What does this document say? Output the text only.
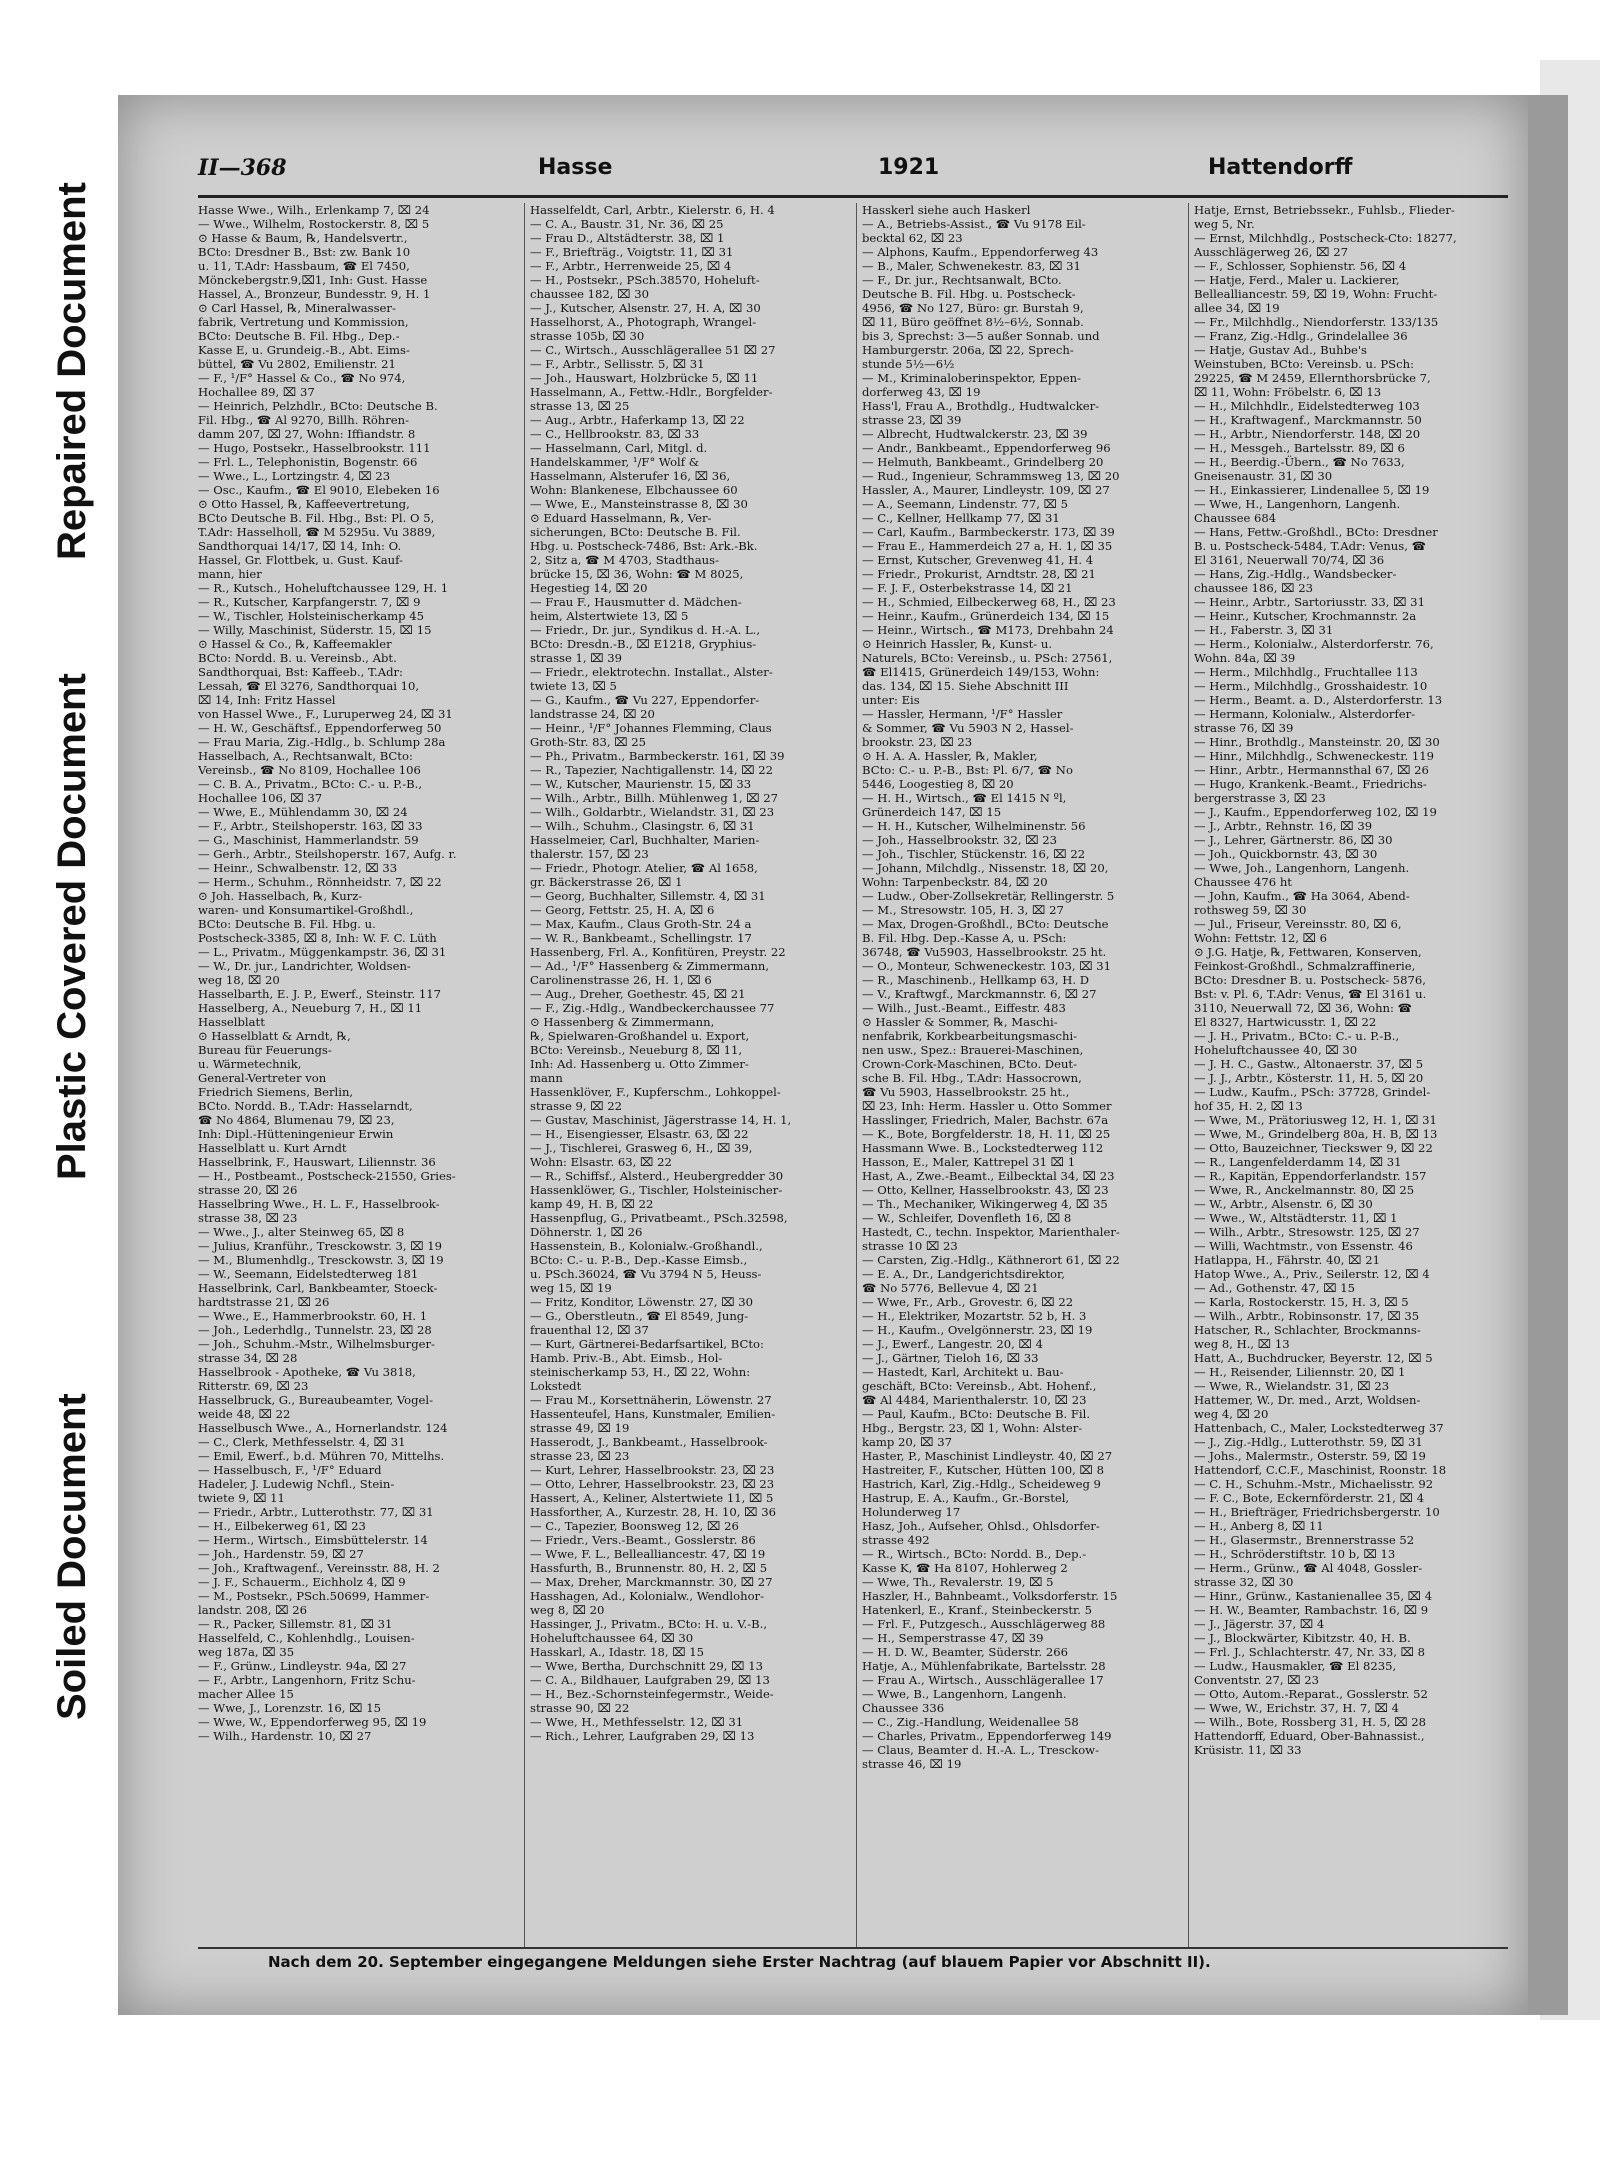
Repaired Document
Plastic Covered Document
Soiled Document
II—368	Hasse	1921	Hattendorff
Hasse Wwe., Wilh., Erlenkamp 7, ⌧ 24
— Wwe., Wilhelm, Rostockerstr. 8, ⌧ 5
⊙ Hasse & Baum, ℞, Handelsvertr.,
BCto: Dresdner B., Bst: zw. Bank 10
u. 11, T.Adr: Hassbaum, ☎ El 7450,
Mönckebergstr.9,⌧1, Inh: Gust. Hasse
Hassel, A., Bronzeur, Bundesstr. 9, H. 1
⊙ Carl Hassel, ℞, Mineralwasser-
fabrik, Vertretung und Kommission,
BCto: Deutsche B. Fil. Hbg., Dep.-
Kasse E, u. Grundeig.-B., Abt. Eims-
büttel, ☎ Vu 2802, Emilienstr. 21
— F., ¹/F° Hassel & Co., ☎ No 974,
Hochallee 89, ⌧ 37
— Heinrich, Pelzhdlr., BCto: Deutsche B.
Fil. Hbg., ☎ Al 9270, Billh. Röhren-
damm 207, ⌧ 27, Wohn: Iffiandstr. 8
— Hugo, Postsekr., Hasselbrookstr. 111
— Frl. L., Telephonistin, Bogenstr. 66
— Wwe., L., Lortzingstr. 4, ⌧ 23
— Osc., Kaufm., ☎ El 9010, Elebeken 16
⊙ Otto Hassel, ℞, Kaffeevertretung,
BCto Deutsche B. Fil. Hbg., Bst: Pl. O 5,
T.Adr: Hasselholl, ☎ M 5295u. Vu 3889,
Sandthorquai 14/17, ⌧ 14, Inh: O.
Hassel, Gr. Flottbek, u. Gust. Kauf-
mann, hier
— R., Kutsch., Hoheluftchaussee 129, H. 1
— R., Kutscher, Karpfangerstr. 7, ⌧ 9
— W., Tischler, Holsteinischerkamp 45
— Willy, Maschinist, Süderstr. 15, ⌧ 15
⊙ Hassel & Co., ℞, Kaffeemakler
BCto: Nordd. B. u. Vereinsb., Abt.
Sandthorquai, Bst: Kaffeeb., T.Adr:
Lessah, ☎ El 3276, Sandthorquai 10,
⌧ 14, Inh: Fritz Hassel
von Hassel Wwe., F., Luruperweg 24, ⌧ 31
— H. W., Geschäftsf., Eppendorferweg 50
— Frau Maria, Zig.-Hdlg., b. Schlump 28a
Hasselbach, A., Rechtsanwalt, BCto:
Vereinsb., ☎ No 8109, Hochallee 106
— C. B. A., Privatm., BCto: C.- u. P.-B.,
Hochallee 106, ⌧ 37
— Wwe, E., Mühlendamm 30, ⌧ 24
— F., Arbtr., Steilshoperstr. 163, ⌧ 33
— G., Maschinist, Hammerlandstr. 59
— Gerh., Arbtr., Steilshoperstr. 167, Aufg. r.
— Heinr., Schwalbenstr. 12, ⌧ 33
— Herm., Schuhm., Rönnheidstr. 7, ⌧ 22
⊙ Joh. Hasselbach, ℞, Kurz-
waren- und Konsumartikel-Großhdl.,
BCto: Deutsche B. Fil. Hbg. u.
Postscheck-3385, ⌧ 8, Inh: W. F. C. Lüth
— L., Privatm., Müggenkampstr. 36, ⌧ 31
— W., Dr. jur., Landrichter, Woldsen-
weg 18, ⌧ 20
Hasselbarth, E. J. P., Ewerf., Steinstr. 117
Hasselberg, A., Neueburg 7, H., ⌧ 11
Hasselblatt
⊙ Hasselblatt & Arndt, ℞,
Bureau für Feuerungs-
u. Wärmetechnik,
General-Vertreter von
Friedrich Siemens, Berlin,
BCto. Nordd. B., T.Adr: Hasselarndt,
☎ No 4864, Blumenau 79, ⌧ 23,
Inh: Dipl.-Hütteningenieur Erwin
Hasselblatt u. Kurt Arndt
Hasselbrink, F., Hauswart, Liliennstr. 36
— H., Postbeamt., Postscheck-21550, Gries-
strasse 20, ⌧ 26
Hasselbring Wwe., H. L. F., Hasselbrook-
strasse 38, ⌧ 23
— Wwe., J., alter Steinweg 65, ⌧ 8
— Julius, Kranführ., Tresckowstr. 3, ⌧ 19
— M., Blumenhdlg., Tresckowstr. 3, ⌧ 19
— W., Seemann, Eidelstedterweg 181
Hasselbrink, Carl, Bankbeamter, Stoeck-
hardtstrasse 21, ⌧ 26
— Wwe., E., Hammerbrookstr. 60, H. 1
— Joh., Lederhdlg., Tunnelstr. 23, ⌧ 28
— Joh., Schuhm.-Mstr., Wilhelmsburger-
strasse 34, ⌧ 28
Hasselbrook - Apotheke, ☎ Vu 3818,
Ritterstr. 69, ⌧ 23
Hasselbruck, G., Bureaubeamter, Vogel-
weide 48, ⌧ 22
Hasselbusch Wwe., A., Hornerlandstr. 124
— C., Clerk, Methfesselstr. 4, ⌧ 31
— Emil, Ewerf., b.d. Mühren 70, Mittelhs.
— Hasselbusch, F., ¹/F° Eduard
Hadeler, J. Ludewig Nchfl., Stein-
twiete 9, ⌧ 11
— Friedr., Arbtr., Lutterothstr. 77, ⌧ 31
— H., Eilbekerweg 61, ⌧ 23
— Herm., Wirtsch., Eimsbüttelerstr. 14
— Joh., Hardenstr. 59, ⌧ 27
— Joh., Kraftwagenf., Vereinsstr. 88, H. 2
— J. F., Schauerm., Eichholz 4, ⌧ 9
— M., Postsekr., PSch.50699, Hammer-
landstr. 208, ⌧ 26
— R., Packer, Sillemstr. 81, ⌧ 31
Hasselfeld, C., Kohlenhdlg., Louisen-
weg 187a, ⌧ 35
— F., Grünw., Lindleystr. 94a, ⌧ 27
— F., Arbtr., Langenhorn, Fritz Schu-
macher Allee 15
— Wwe, J., Lorenzstr. 16, ⌧ 15
— Wwe, W., Eppendorferweg 95, ⌧ 19
— Wilh., Hardenstr. 10, ⌧ 27
Hasselfeldt, Carl, Arbtr., Kielerstr. 6, H. 4
— C. A., Baustr. 31, Nr. 36, ⌧ 25
— Frau D., Altstädterstr. 38, ⌧ 1
— F., Briefträg., Voigtstr. 11, ⌧ 31
— F., Arbtr., Herrenweide 25, ⌧ 4
— H., Postsekr., PSch.38570, Hoheluft-
chaussee 182, ⌧ 30
— J., Kutscher, Alsenstr. 27, H. A, ⌧ 30
Hasselhorst, A., Photograph, Wrangel-
strasse 105b, ⌧ 30
— C., Wirtsch., Ausschlägerallee 51 ⌧ 27
— F., Arbtr., Sellisstr. 5, ⌧ 31
— Joh., Hauswart, Holzbrücke 5, ⌧ 11
Hasselmann, A., Fettw.-Hdlr., Borgfelder-
strasse 13, ⌧ 25
— Aug., Arbtr., Haferkamp 13, ⌧ 22
— C., Hellbrookstr. 83, ⌧ 33
— Hasselmann, Carl, Mitgl. d.
Handelskammer, ¹/F° Wolf &
Hasselmann, Alsterufer 16, ⌧ 36,
Wohn: Blankenese, Elbchaussee 60
— Wwe, E., Mansteinstrasse 8, ⌧ 30
⊙ Eduard Hasselmann, ℞, Ver-
sicherungen, BCto: Deutsche B. Fil.
Hbg. u. Postscheck-7486, Bst: Ark.-Bk.
2, Sitz a, ☎ M 4703, Stadthaus-
brücke 15, ⌧ 36, Wohn: ☎ M 8025,
Hegestieg 14, ⌧ 20
— Frau F., Hausmutter d. Mädchen-
heim, Alstertwiete 13, ⌧ 5
— Friedr., Dr. jur., Syndikus d. H.-A. L.,
BCto: Dresdn.-B., ⌧ E1218, Gryphius-
strasse 1, ⌧ 39
— Friedr., elektrotechn. Installat., Alster-
twiete 13, ⌧ 5
— G., Kaufm., ☎ Vu 227, Eppendorfer-
landstrasse 24, ⌧ 20
— Heinr., ¹/F° Johannes Flemming, Claus
Groth-Str. 83, ⌧ 25
— Ph., Privatm., Barmbeckerstr. 161, ⌧ 39
— R., Tapezier, Nachtigallenstr. 14, ⌧ 22
— W., Kutscher, Maurienstr. 15, ⌧ 33
— Wilh., Arbtr., Billh. Mühlenweg 1, ⌧ 27
— Wilh., Goldarbtr., Wielandstr. 31, ⌧ 23
— Wilh., Schuhm., Clasingstr. 6, ⌧ 31
Hasselmeier, Carl, Buchhalter, Marien-
thalerstr. 157, ⌧ 23
— Friedr., Photogr. Atelier, ☎ Al 1658,
gr. Bäckerstrasse 26, ⌧ 1
— Georg, Buchhalter, Sillemstr. 4, ⌧ 31
— Georg, Fettstr. 25, H. A, ⌧ 6
— Max, Kaufm., Claus Groth-Str. 24 a
— W. R., Bankbeamt., Schellingstr. 17
Hassenberg, Frl. A., Konfitüren, Preystr. 22
— Ad., ¹/F° Hassenberg & Zimmermann,
Carolinenstrasse 26, H. 1, ⌧ 6
— Aug., Dreher, Goethestr. 45, ⌧ 21
— F., Zig.-Hdlg., Wandbeckerchaussee 77
⊙ Hassenberg & Zimmermann,
℞, Spielwaren-Großhandel u. Export,
BCto: Vereinsb., Neueburg 8, ⌧ 11,
Inh: Ad. Hassenberg u. Otto Zimmer-
mann
Hassenklöver, F., Kupferschm., Lohkoppel-
strasse 9, ⌧ 22
— Gustav, Maschinist, Jägerstrasse 14, H. 1,
— H., Eisengiesser, Elsastr. 63, ⌧ 22
— J., Tischlerei, Grasweg 6, H., ⌧ 39,
Wohn: Elsastr. 63, ⌧ 22
— R., Schiffsf., Alsterd., Heubergredder 30
Hassenklöwer, G., Tischler, Holsteinischer-
kamp 49, H. B, ⌧ 22
Hassenpflug, G., Privatbeamt., PSch.32598,
Döhnerstr. 1, ⌧ 26
Hassenstein, B., Kolonialw.-Großhandl.,
BCto: C.- u. P.-B., Dep.-Kasse Eimsb.,
u. PSch.36024, ☎ Vu 3794 N 5, Heuss-
weg 15, ⌧ 19
— Fritz, Konditor, Löwenstr. 27, ⌧ 30
— G., Oberstleutn., ☎ El 8549, Jung-
frauenthal 12, ⌧ 37
— Kurt, Gärtnerei-Bedarfsartikel, BCto:
Hamb. Priv.-B., Abt. Eimsb., Hol-
steinischerkamp 53, H., ⌧ 22, Wohn:
Lokstedt
— Frau M., Korsettnäherin, Löwenstr. 27
Hassenteufel, Hans, Kunstmaler, Emilien-
strasse 49, ⌧ 19
Hasserodt, J., Bankbeamt., Hasselbrook-
strasse 23, ⌧ 23
— Kurt, Lehrer, Hasselbrookstr. 23, ⌧ 23
— Otto, Lehrer, Hasselbrookstr. 23, ⌧ 23
Hassert, A., Keliner, Alstertwiete 11, ⌧ 5
Hassforther, A., Kurzestr. 28, H. 10, ⌧ 36
— C., Tapezier, Boonsweg 12, ⌧ 26
— Friedr., Vers.-Beamt., Gosslerstr. 86
— Wwe, F. L., Bellealliancestr. 47, ⌧ 19
Hassfurth, B., Brunnenstr. 80, H. 2, ⌧ 5
— Max, Dreher, Marckmannstr. 30, ⌧ 27
Hasshagen, Ad., Kolonialw., Wendlohor-
weg 8, ⌧ 20
Hassinger, J., Privatm., BCto: H. u. V.-B.,
Hoheluftchaussee 64, ⌧ 30
Hasskarl, A., Idastr. 18, ⌧ 15
— Wwe, Bertha, Durchschnitt 29, ⌧ 13
— C. A., Bildhauer, Laufgraben 29, ⌧ 13
— H., Bez.-Schornsteinfegermstr., Weide-
strasse 90, ⌧ 22
— Wwe, H., Methfesselstr. 12, ⌧ 31
— Rich., Lehrer, Laufgraben 29, ⌧ 13
Hasskerl siehe auch Haskerl
— A., Betriebs-Assist., ☎ Vu 9178 Eil-
becktal 62, ⌧ 23
— Alphons, Kaufm., Eppendorferweg 43
— B., Maler, Schwenekestr. 83, ⌧ 31
— F., Dr. jur., Rechtsanwalt, BCto.
Deutsche B. Fil. Hbg. u. Postscheck-
4956, ☎ No 127, Büro: gr. Burstah 9,
⌧ 11, Büro geöffnet 8½–6½, Sonnab.
bis 3, Sprechst: 3—5 außer Sonnab. und
Hamburgerstr. 206a, ⌧ 22, Sprech-
stunde 5½—6½
— M., Kriminaloberinspektor, Eppen-
dorferweg 43, ⌧ 19
Hass'l, Frau A., Brothdlg., Hudtwalcker-
strasse 23, ⌧ 39
— Albrecht, Hudtwalckerstr. 23, ⌧ 39
— Andr., Bankbeamt., Eppendorferweg 96
— Helmuth, Bankbeamt., Grindelberg 20
— Rud., Ingenieur, Schrammsweg 13, ⌧ 20
Hassler, A., Maurer, Lindleystr. 109, ⌧ 27
— A., Seemann, Lindenstr. 77, ⌧ 5
— C., Kellner, Hellkamp 77, ⌧ 31
— Carl, Kaufm., Barmbeckerstr. 173, ⌧ 39
— Frau E., Hammerdeich 27 a, H. 1, ⌧ 35
— Ernst, Kutscher, Grevenweg 41, H. 4
— Friedr., Prokurist, Arndtstr. 28, ⌧ 21
— F. J. F., Osterbekstrasse 14, ⌧ 21
— H., Schmied, Eilbeckerweg 68, H., ⌧ 23
— Heinr., Kaufm., Grünerdeich 134, ⌧ 15
— Heinr., Wirtsch., ☎ M173, Drehbahn 24
⊙ Heinrich Hassler, ℞, Kunst- u.
Naturels, BCto: Vereinsb., u. PSch: 27561,
☎ El1415, Grünerdeich 149/153, Wohn:
das. 134, ⌧ 15. Siehe Abschnitt III
unter: Eis
— Hassler, Hermann, ¹/F° Hassler
& Sommer, ☎ Vu 5903 N 2, Hassel-
brookstr. 23, ⌧ 23
⊙ H. A. A. Hassler, ℞, Makler,
BCto: C.- u. P.-B., Bst: Pl. 6/7, ☎ No
5446, Loogestieg 8, ⌧ 20
— H. H., Wirtsch., ☎ El 1415 N ºl,
Grünerdeich 147, ⌧ 15
— H. H., Kutscher, Wilhelminenstr. 56
— Joh., Hasselbrookstr. 32, ⌧ 23
— Joh., Tischler, Stückenstr. 16, ⌧ 22
— Johann, Milchdlg., Nissenstr. 18, ⌧ 20,
Wohn: Tarpenbeckstr. 84, ⌧ 20
— Ludw., Ober-Zollsekretär, Rellingerstr. 5
— M., Stresowstr. 105, H. 3, ⌧ 27
— Max, Drogen-Großhdl., BCto: Deutsche
B. Fil. Hbg. Dep.-Kasse A, u. PSch:
36748, ☎ Vu5903, Hasselbrookstr. 25 ht.
— O., Monteur, Schweneckestr. 103, ⌧ 31
— R., Maschinenb., Hellkamp 63, H. D
— V., Kraftwgf., Marckmannstr. 6, ⌧ 27
— Wilh., Just.-Beamt., Eiffestr. 483
⊙ Hassler & Sommer, ℞, Maschi-
nenfabrik, Korkbearbeitungsmaschi-
nen usw., Spez.: Brauerei-Maschinen,
Crown-Cork-Maschinen, BCto. Deut-
sche B. Fil. Hbg., T.Adr: Hassocrown,
☎ Vu 5903, Hasselbrookstr. 25 ht.,
⌧ 23, Inh: Herm. Hassler u. Otto Sommer
Hasslinger, Friedrich, Maler, Bachstr. 67a
— K., Bote, Borgfelderstr. 18, H. 11, ⌧ 25
Hassmann Wwe. B., Lockstedterweg 112
Hasson, E., Maler, Kattrepel 31 ⌧ 1
Hast, A., Zwe.-Beamt., Eilbecktal 34, ⌧ 23
— Otto, Kellner, Hasselbrookstr. 43, ⌧ 23
— Th., Mechaniker, Wikingerweg 4, ⌧ 35
— W., Schleifer, Dovenfleth 16, ⌧ 8
Hastedt, C., techn. Inspektor, Marienthaler-
strasse 10 ⌧ 23
— Carsten, Zig.-Hdlg., Käthnerort 61, ⌧ 22
— E. A., Dr., Landgerichtsdirektor,
☎ No 5776, Bellevue 4, ⌧ 21
— Wwe, Fr., Arb., Grovestr. 6, ⌧ 22
— H., Elektriker, Mozartstr. 52 b, H. 3
— H., Kaufm., Ovelgönnerstr. 23, ⌧ 19
— J., Ewerf., Langestr. 20, ⌧ 4
— J., Gärtner, Tieloh 16, ⌧ 33
— Hastedt, Karl, Architekt u. Bau-
geschäft, BCto: Vereinsb., Abt. Hohenf.,
☎ Al 4484, Marienthalerstr. 10, ⌧ 23
— Paul, Kaufm., BCto: Deutsche B. Fil.
Hbg., Bergstr. 23, ⌧ 1, Wohn: Alster-
kamp 20, ⌧ 37
Haster, P., Maschinist Lindleystr. 40, ⌧ 27
Hastreiter, F., Kutscher, Hütten 100, ⌧ 8
Hastrich, Karl, Zig.-Hdlg., Scheideweg 9
Hastrup, E. A., Kaufm., Gr.-Borstel,
Holunderweg 17
Hasz, Joh., Aufseher, Ohlsd., Ohlsdorfer-
strasse 492
— R., Wirtsch., BCto: Nordd. B., Dep.-
Kasse K, ☎ Ha 8107, Hohlerweg 2
— Wwe, Th., Revalerstr. 19, ⌧ 5
Haszler, H., Bahnbeamt., Volksdorferstr. 15
Hatenkerl, E., Kranf., Steinbeckerstr. 5
— Frl. F., Putzgesch., Ausschlägerweg 88
— H., Semperstrasse 47, ⌧ 39
— H. D. W., Beamter, Süderstr. 266
Hatje, A., Mühlenfabrikate, Bartelsstr. 28
— Frau A., Wirtsch., Ausschlägerallee 17
— Wwe, B., Langenhorn, Langenh.
Chaussee 336
— C., Zig.-Handlung, Weidenallee 58
— Charles, Privatm., Eppendorferweg 149
— Claus, Beamter d. H.-A. L., Tresckow-
strasse 46, ⌧ 19
Hatje, Ernst, Betriebssekr., Fuhlsb., Flieder-
weg 5, Nr.
— Ernst, Milchhdlg., Postscheck-Cto: 18277,
Ausschlägerweg 26, ⌧ 27
— F., Schlosser, Sophienstr. 56, ⌧ 4
— Hatje, Ferd., Maler u. Lackierer,
Bellealliancestr. 59, ⌧ 19, Wohn: Frucht-
allee 34, ⌧ 19
— Fr., Milchhdlg., Niendorferstr. 133/135
— Franz, Zig.-Hdlg., Grindelallee 36
— Hatje, Gustav Ad., Buhbe's
Weinstuben, BCto: Vereinsb. u. PSch:
29225, ☎ M 2459, Ellernthorsbrücke 7,
⌧ 11, Wohn: Fröbelstr. 6, ⌧ 13
— H., Milchhdlr., Eidelstedterweg 103
— H., Kraftwagenf., Marckmannstr. 50
— H., Arbtr., Niendorferstr. 148, ⌧ 20
— H., Messgeh., Bartelsstr. 89, ⌧ 6
— H., Beerdig.-Übern., ☎ No 7633,
Gneisenaustr. 31, ⌧ 30
— H., Einkassierer, Lindenallee 5, ⌧ 19
— Wwe, H., Langenhorn, Langenh.
Chaussee 684
— Hans, Fettw.-Großhdl., BCto: Dresdner
B. u. Postscheck-5484, T.Adr: Venus, ☎
El 3161, Neuerwall 70/74, ⌧ 36
— Hans, Zig.-Hdlg., Wandsbecker-
chaussee 186, ⌧ 23
— Heinr., Arbtr., Sartoriusstr. 33, ⌧ 31
— Heinr., Kutscher, Krochmannstr. 2a
— H., Faberstr. 3, ⌧ 31
— Herm., Kolonialw., Alsterdorferstr. 76,
Wohn. 84a, ⌧ 39
— Herm., Milchhdlg., Fruchtallee 113
— Herm., Milchhdlg., Grosshaidestr. 10
— Herm., Beamt. a. D., Alsterdorferstr. 13
— Hermann, Kolonialw., Alsterdorfer-
strasse 76, ⌧ 39
— Hinr., Brothdlg., Mansteinstr. 20, ⌧ 30
— Hinr., Milchhdlg., Schweneckestr. 119
— Hinr., Arbtr., Hermannsthal 67, ⌧ 26
— Hugo, Krankenk.-Beamt., Friedrichs-
bergerstrasse 3, ⌧ 23
— J., Kaufm., Eppendorferweg 102, ⌧ 19
— J., Arbtr., Rehnstr. 16, ⌧ 39
— J., Lehrer, Gärtnerstr. 86, ⌧ 30
— Joh., Quickbornstr. 43, ⌧ 30
— Wwe, Joh., Langenhorn, Langenh.
Chaussee 476 ht
— John, Kaufm., ☎ Ha 3064, Abend-
rothsweg 59, ⌧ 30
— Jul., Friseur, Vereinsstr. 80, ⌧ 6,
Wohn: Fettstr. 12, ⌧ 6
⊙ J.G. Hatje, ℞, Fettwaren, Konserven,
Feinkost-Großhdl., Schmalzraffinerie,
BCto: Dresdner B. u. Postscheck- 5876,
Bst: v. Pl. 6, T.Adr: Venus, ☎ El 3161 u.
3110, Neuerwall 72, ⌧ 36, Wohn: ☎
El 8327, Hartwicusstr. 1, ⌧ 22
— J. H., Privatm., BCto: C.- u. P.-B.,
Hoheluftchaussee 40, ⌧ 30
— J. H. C., Gastw., Altonaerstr. 37, ⌧ 5
— J. J., Arbtr., Kösterstr. 11, H. 5, ⌧ 20
— Ludw., Kaufm., PSch: 37728, Grindel-
hof 35, H. 2, ⌧ 13
— Wwe, M., Prätoriusweg 12, H. 1, ⌧ 31
— Wwe, M., Grindelberg 80a, H. B, ⌧ 13
— Otto, Bauzeichner, Tieckswег 9, ⌧ 22
— R., Langenfelderdamm 14, ⌧ 31
— R., Kapitän, Eppendorferlandstr. 157
— Wwe, R., Anckelmannstr. 80, ⌧ 25
— W., Arbtr., Alsenstr. 6, ⌧ 30
— Wwe., W., Altstädterstr. 11, ⌧ 1
— Wilh., Arbtr., Stresowstr. 125, ⌧ 27
— Willi, Wachtmstr., von Essenstr. 46
Hatlappa, H., Fährstr. 40, ⌧ 21
Hatop Wwe., A., Priv., Seilerstr. 12, ⌧ 4
— Ad., Gothenstr. 47, ⌧ 15
— Karla, Rostockerstr. 15, H. 3, ⌧ 5
— Wilh., Arbtr., Robinsonstr. 17, ⌧ 35
Hatscher, R., Schlachter, Brockmanns-
weg 8, H., ⌧ 13
Hatt, A., Buchdrucker, Beyerstr. 12, ⌧ 5
— H., Reisender, Liliennstr. 20, ⌧ 1
— Wwe, R., Wielandstr. 31, ⌧ 23
Hattemer, W., Dr. med., Arzt, Woldsen-
weg 4, ⌧ 20
Hattenbach, C., Maler, Lockstedterweg 37
— J., Zig.-Hdlg., Lutterothstr. 59, ⌧ 31
— Johs., Malermstr., Osterstr. 59, ⌧ 19
Hattendorf, C.C.F., Maschinist, Roonstr. 18
— C. H., Schuhm.-Mstr., Michaelisstr. 92
— F. C., Bote, Eckernförderstr. 21, ⌧ 4
— H., Briefträger, Friedrichsbergerstr. 10
— H., Anberg 8, ⌧ 11
— H., Glasermstr., Brennerstrasse 52
— H., Schröderstiftstr. 10 b, ⌧ 13
— Herm., Grünw., ☎ Al 4048, Gossler-
strasse 32, ⌧ 30
— Hinr., Grünw., Kastanienallee 35, ⌧ 4
— H. W., Beamter, Rambachstr. 16, ⌧ 9
— J., Jägerstr. 37, ⌧ 4
— J., Blockwärter, Kibitzstr. 40, H. B.
— Frl. J., Schlachterstr. 47, Nr. 33, ⌧ 8
— Ludw., Hausmakler, ☎ El 8235,
Conventstr. 27, ⌧ 23
— Otto, Autom.-Reparat., Gosslerstr. 52
— Wwe, W., Erichstr. 37, H. 7, ⌧ 4
— Wilh., Bote, Rossberg 31, H. 5, ⌧ 28
Hattendorff, Eduard, Ober-Bahnassist.,
Krüsistr. 11, ⌧ 33
Nach dem 20. September eingegangene Meldungen siehe Erster Nachtrag (auf blauem Papier vor Abschnitt II).
